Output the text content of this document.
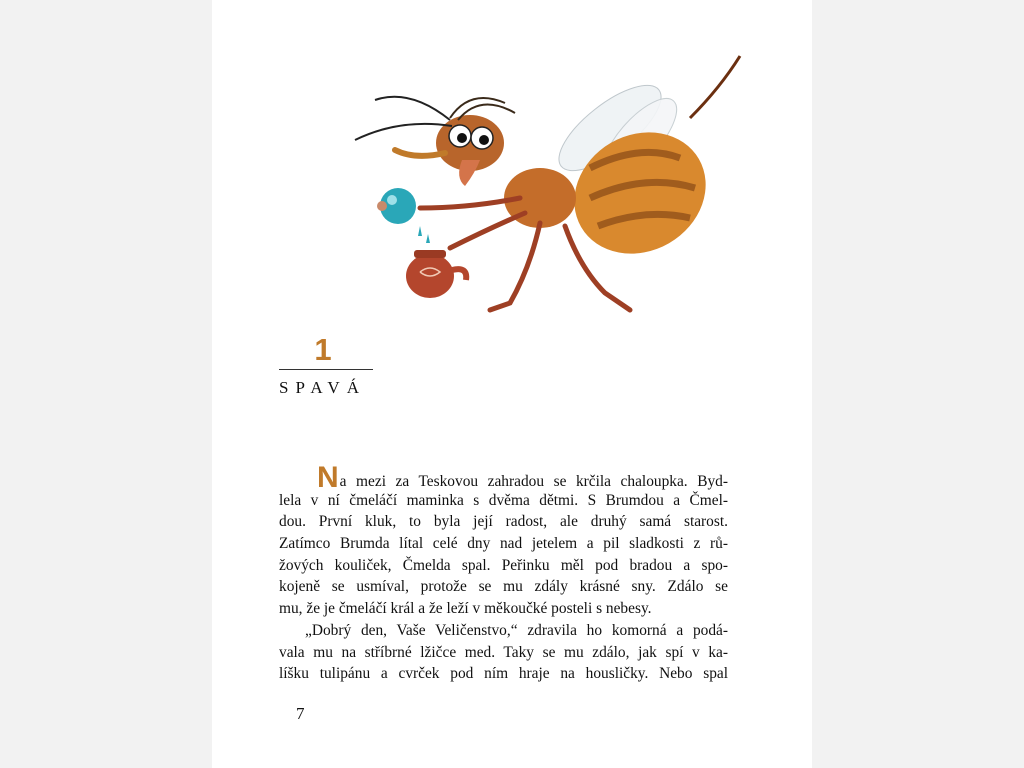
1
SPAVÁ
Na mezi za Teskovou zahradou se krčila chaloupka. Byd-
lela v ní čmeláčí maminka s dvěma dětmi. S Brumdou a Čmel-
dou. První kluk, to byla její radost, ale druhý samá starost.
Zatímco Brumda lítal celé dny nad jetelem a pil sladkosti z rů-
žových kouliček, Čmelda spal. Peřinku měl pod bradou a spo-
kojeně se usmíval, protože se mu zdály krásné sny. Zdálo se
mu, že je čmeláčí král a že leží v měkoučké posteli s nebesy.
„Dobrý den, Vaše Veličenstvo,“ zdravila ho komorná a podá-
vala mu na stříbrné lžičce med. Taky se mu zdálo, jak spí v ka-
líšku tulipánu a cvrček pod ním hraje na housličky. Nebo spal
7
